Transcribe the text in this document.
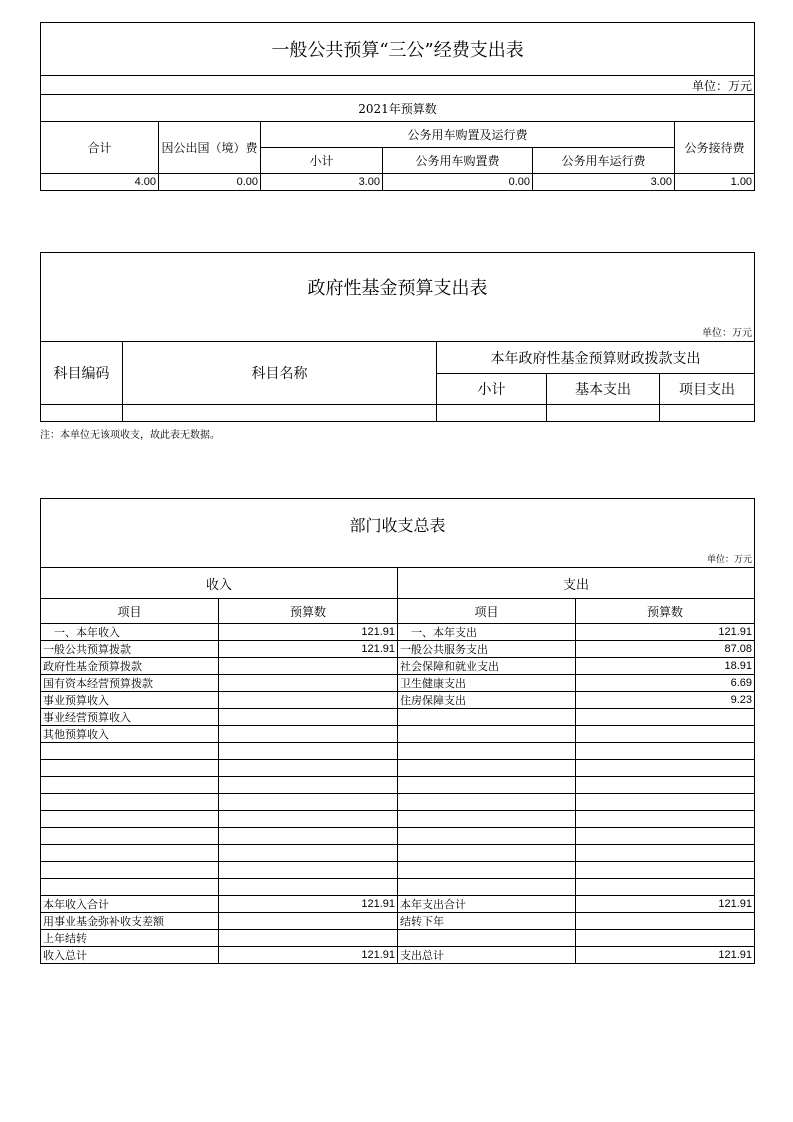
一般公共预算“三公”经费支出表					
单位：万元					
2021年预算数					
合计	因公出国（境）费	公务用车购置及运行费			公务接待费
		小计	公务用车购置费	公务用车运行费	
4.00	0.00	3.00	0.00	3.00	1.00
政府性基金预算支出表				
单位：万元				
科目编码	科目名称	本年政府性基金预算财政拨款支出		
		小计	基本支出	项目支出

注：本单位无该项收支，故此表无数据。
部门收支总表			
单位：万元			
收入		支出	
项目	预算数	项目	预算数
　一、本年收入	121.91	　一、本年支出	121.91
一般公共预算拨款	121.91	一般公共服务支出	87.08
政府性基金预算拨款		社会保障和就业支出	18.91
国有资本经营预算拨款		卫生健康支出	6.69
事业预算收入		住房保障支出	9.23
事业经营预算收入			
其他预算收入			

本年收入合计	121.91	本年支出合计	121.91
用事业基金弥补收支差额		结转下年	
上年结转			
收入总计	121.91	支出总计	121.91
